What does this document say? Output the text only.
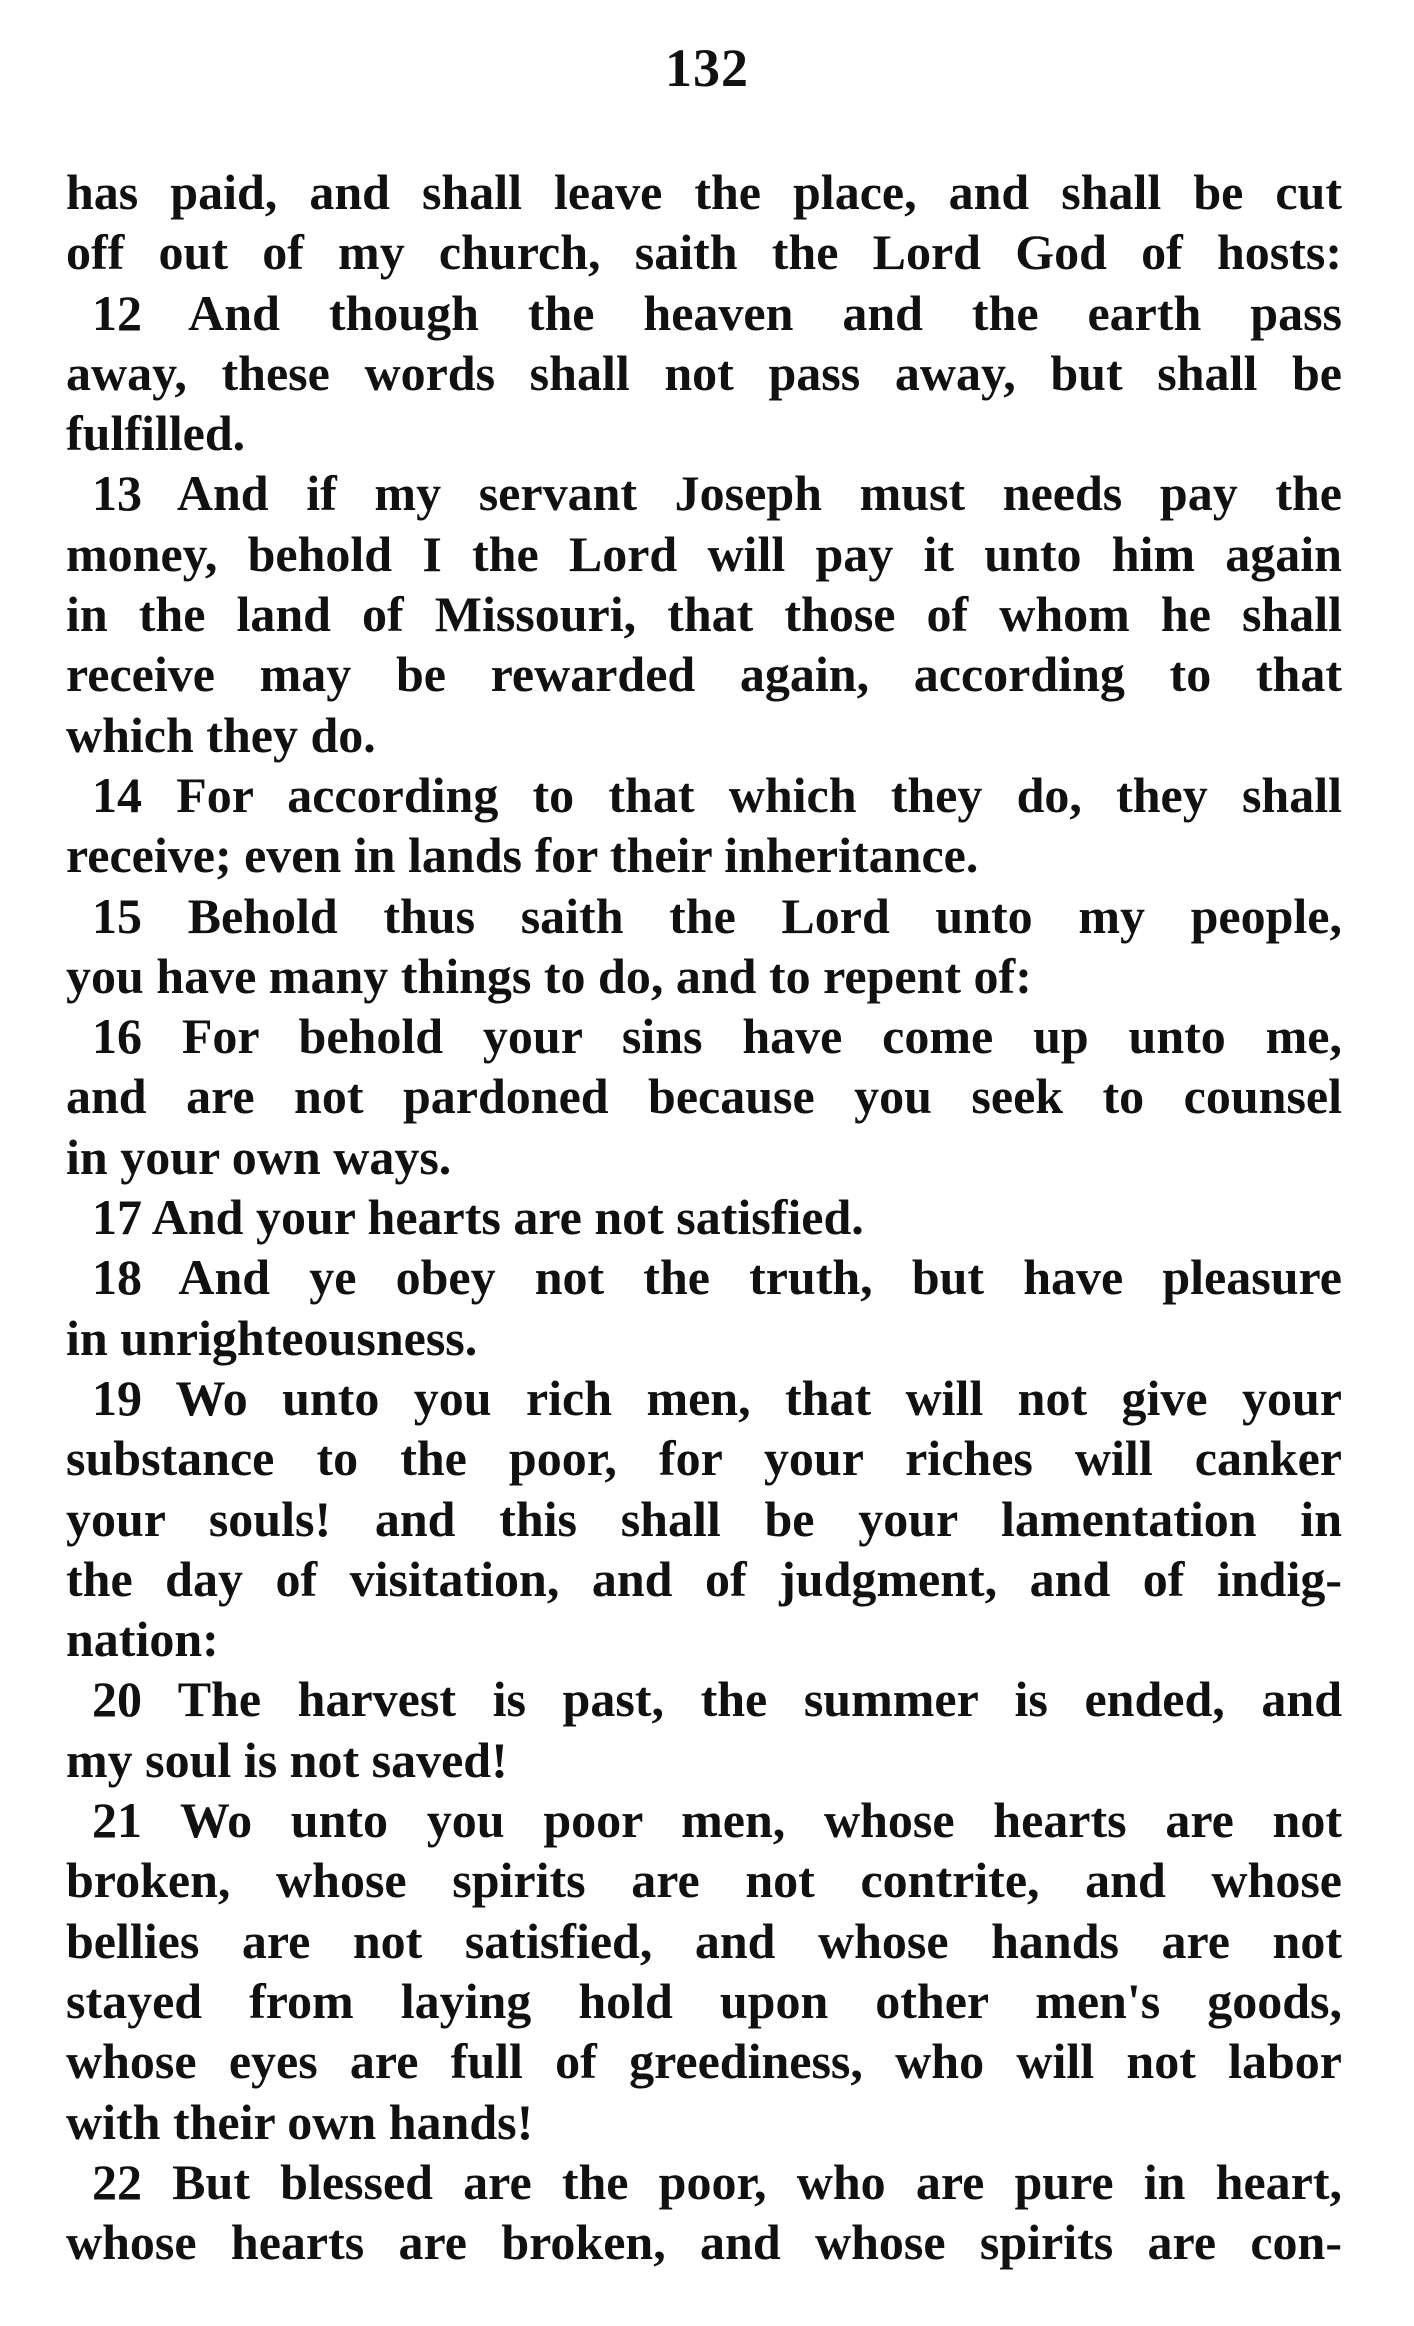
132
has paid, and shall leave the place, and shall be cut
off out of my church, saith the Lord God of hosts:
12 And though the heaven and the earth pass
away, these words shall not pass away, but shall be
fulfilled.
13 And if my servant Joseph must needs pay the
money, behold I the Lord will pay it unto him again
in the land of Missouri, that those of whom he shall
receive may be rewarded again, according to that
which they do.
14 For according to that which they do, they shall
receive; even in lands for their inheritance.
15 Behold thus saith the Lord unto my people,
you have many things to do, and to repent of:
16 For behold your sins have come up unto me,
and are not pardoned because you seek to counsel
in your own ways.
17 And your hearts are not satisfied.
18 And ye obey not the truth, but have pleasure
in unrighteousness.
19 Wo unto you rich men, that will not give your
substance to the poor, for your riches will canker
your souls! and this shall be your lamentation in
the day of visitation, and of judgment, and of indig-
nation:
20 The harvest is past, the summer is ended, and
my soul is not saved!
21 Wo unto you poor men, whose hearts are not
broken, whose spirits are not contrite, and whose
bellies are not satisfied, and whose hands are not
stayed from laying hold upon other men's goods,
whose eyes are full of greediness, who will not labor
with their own hands!
22 But blessed are the poor, who are pure in heart,
whose hearts are broken, and whose spirits are con-
